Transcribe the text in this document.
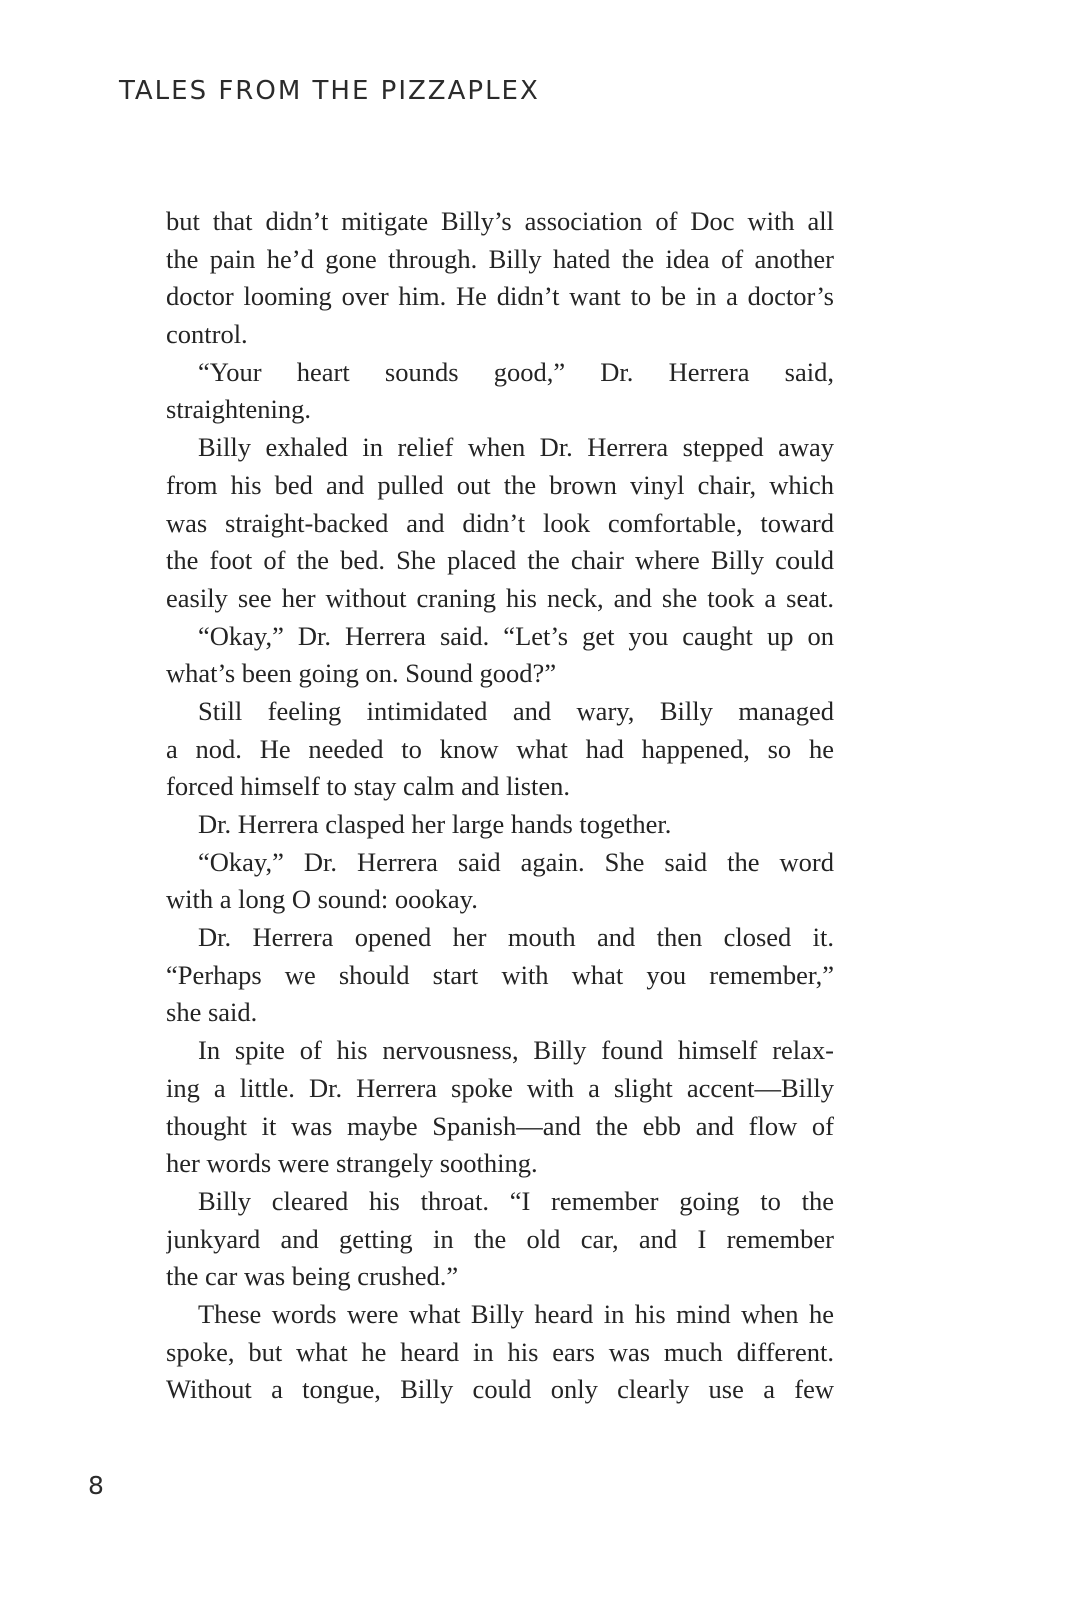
TALES FROM THE PIZZAPLEX
but that didn’t mitigate Billy’s association of Doc with all
the pain he’d gone through. Billy hated the idea of another
doctor looming over him. He didn’t want to be in a doctor’s
control.
“Your heart sounds good,” Dr. Herrera said,
straightening.
Billy exhaled in relief when Dr. Herrera stepped away
from his bed and pulled out the brown vinyl chair, which
was straight-backed and didn’t look comfortable, toward
the foot of the bed. She placed the chair where Billy could
easily see her without craning his neck, and she took a seat.
“Okay,” Dr. Herrera said. “Let’s get you caught up on
what’s been going on. Sound good?”
Still feeling intimidated and wary, Billy managed
a nod. He needed to know what had happened, so he
forced himself to stay calm and listen.
Dr. Herrera clasped her large hands together.
“Okay,” Dr. Herrera said again. She said the word
with a long O sound: oookay.
Dr. Herrera opened her mouth and then closed it.
“Perhaps we should start with what you remember,”
she said.
In spite of his nervousness, Billy found himself relax-
ing a little. Dr. Herrera spoke with a slight accent—Billy
thought it was maybe Spanish—and the ebb and flow of
her words were strangely soothing.
Billy cleared his throat. “I remember going to the
junkyard and getting in the old car, and I remember
the car was being crushed.”
These words were what Billy heard in his mind when he
spoke, but what he heard in his ears was much different.
Without a tongue, Billy could only clearly use a few
8
